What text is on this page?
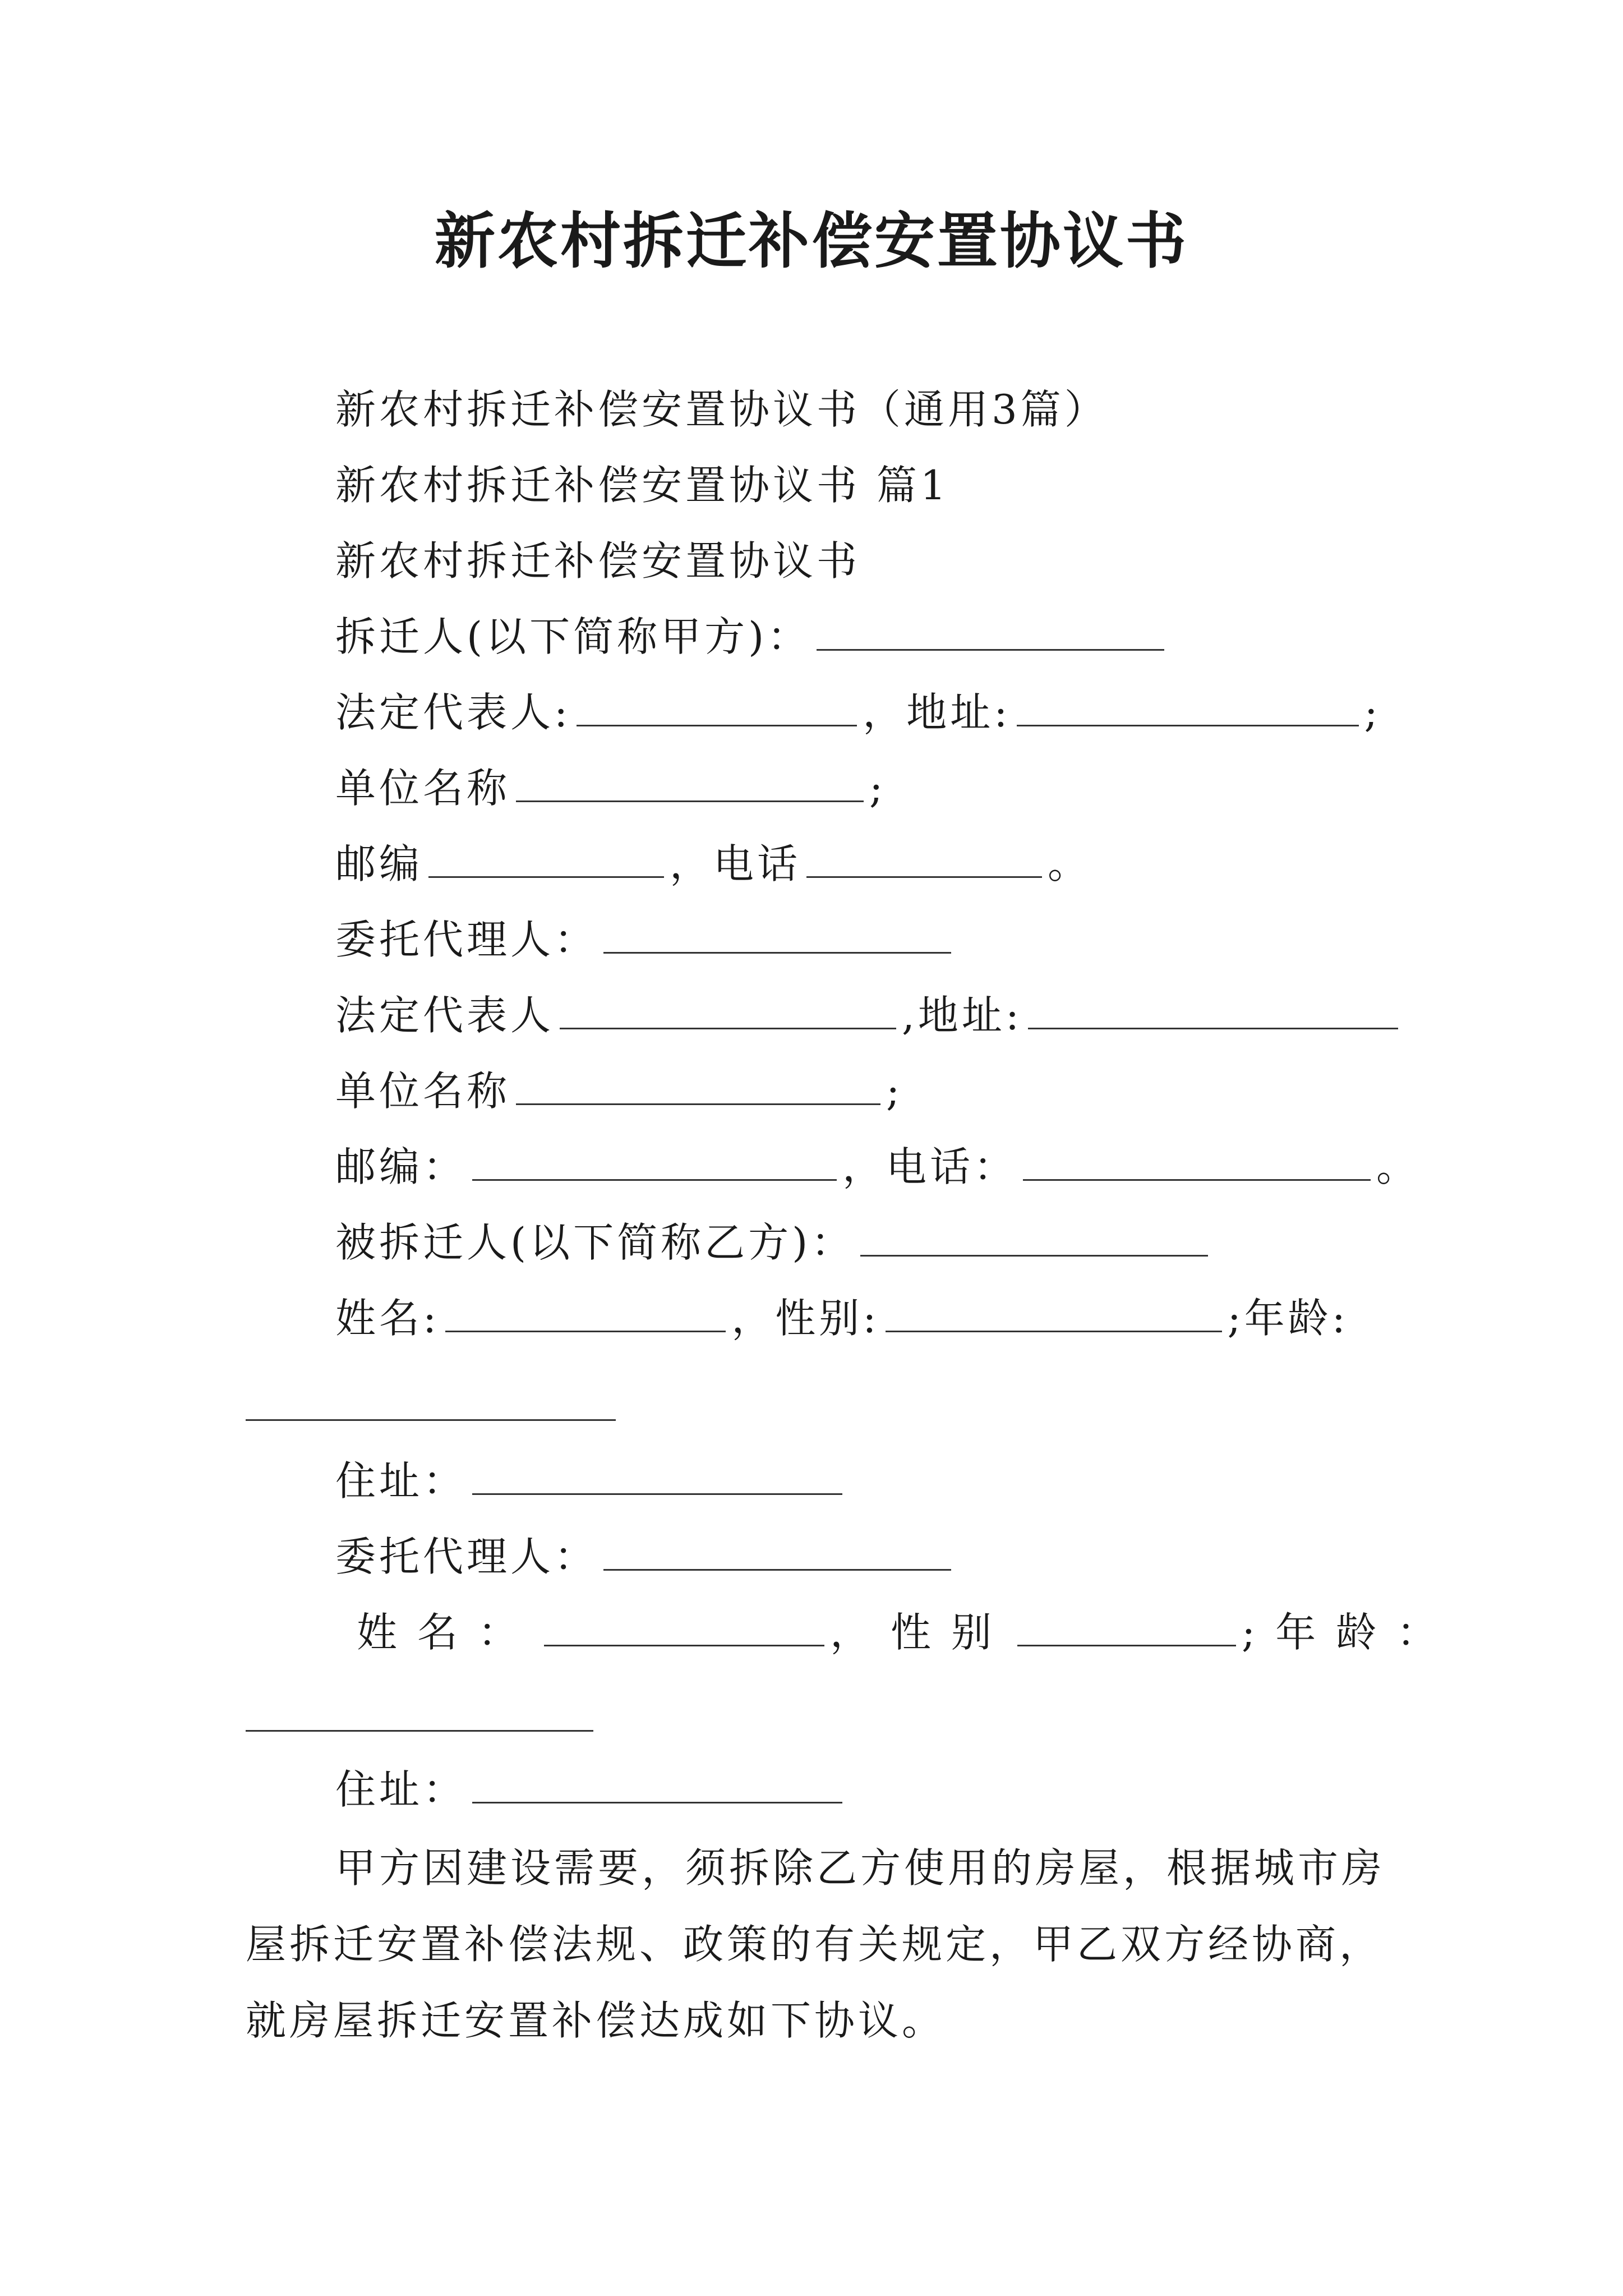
新农村拆迁补偿安置协议书
新农村拆迁补偿安置协议书（通用3篇）
新农村拆迁补偿安置协议书 篇1
新农村拆迁补偿安置协议书
拆迁人(以下简称甲方)：
法定代表人:	，地址:	;
单位名称	;
邮编	，电话	。
委托代理人：
法定代表人	,地址:
单位名称	;
邮编：	，电话：	。
被拆迁人(以下简称乙方)：
姓名:	，性别:	;年龄:
住址：
委托代理人：
姓名：	，性别	;年龄：
住址：
甲方因建设需要，须拆除乙方使用的房屋，根据城市房
屋拆迁安置补偿法规、政策的有关规定，甲乙双方经协商，
就房屋拆迁安置补偿达成如下协议。
